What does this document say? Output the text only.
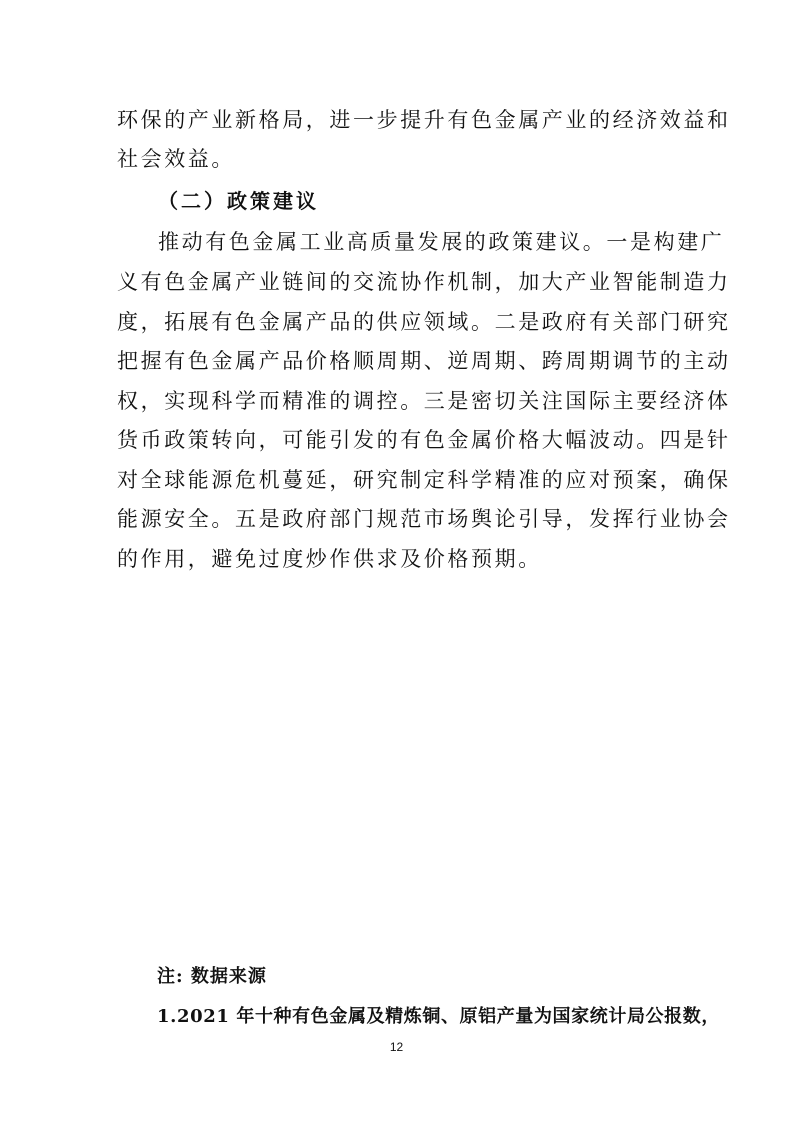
环保的产业新格局，进一步提升有色金属产业的经济效益和
社会效益。
（二）政策建议
推动有色金属工业高质量发展的政策建议。一是构建广
义有色金属产业链间的交流协作机制，加大产业智能制造力
度，拓展有色金属产品的供应领域。二是政府有关部门研究
把握有色金属产品价格顺周期、逆周期、跨周期调节的主动
权，实现科学而精准的调控。三是密切关注国际主要经济体
货币政策转向，可能引发的有色金属价格大幅波动。四是针
对全球能源危机蔓延，研究制定科学精准的应对预案，确保
能源安全。五是政府部门规范市场舆论引导，发挥行业协会
的作用，避免过度炒作供求及价格预期。
注: 数据来源
1.2021 年十种有色金属及精炼铜、原铝产量为国家统计局公报数，
12
